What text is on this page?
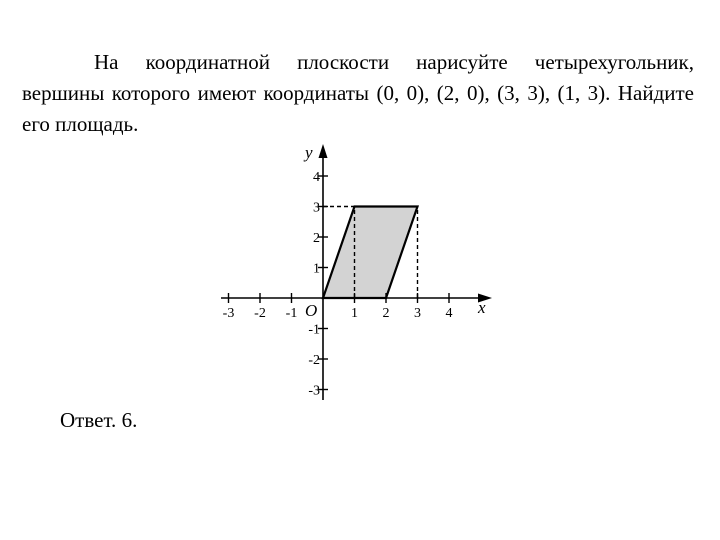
На координатной плоскости нарисуйте четырехугольник, вершины которого имеют координаты (0, 0), (2, 0), (3, 3), (1, 3). Найдите его площадь.

-3 -2 -1	1 2 3 4
-3
-2
-1
1
2
3
4
x
y
O
Ответ. 6.
